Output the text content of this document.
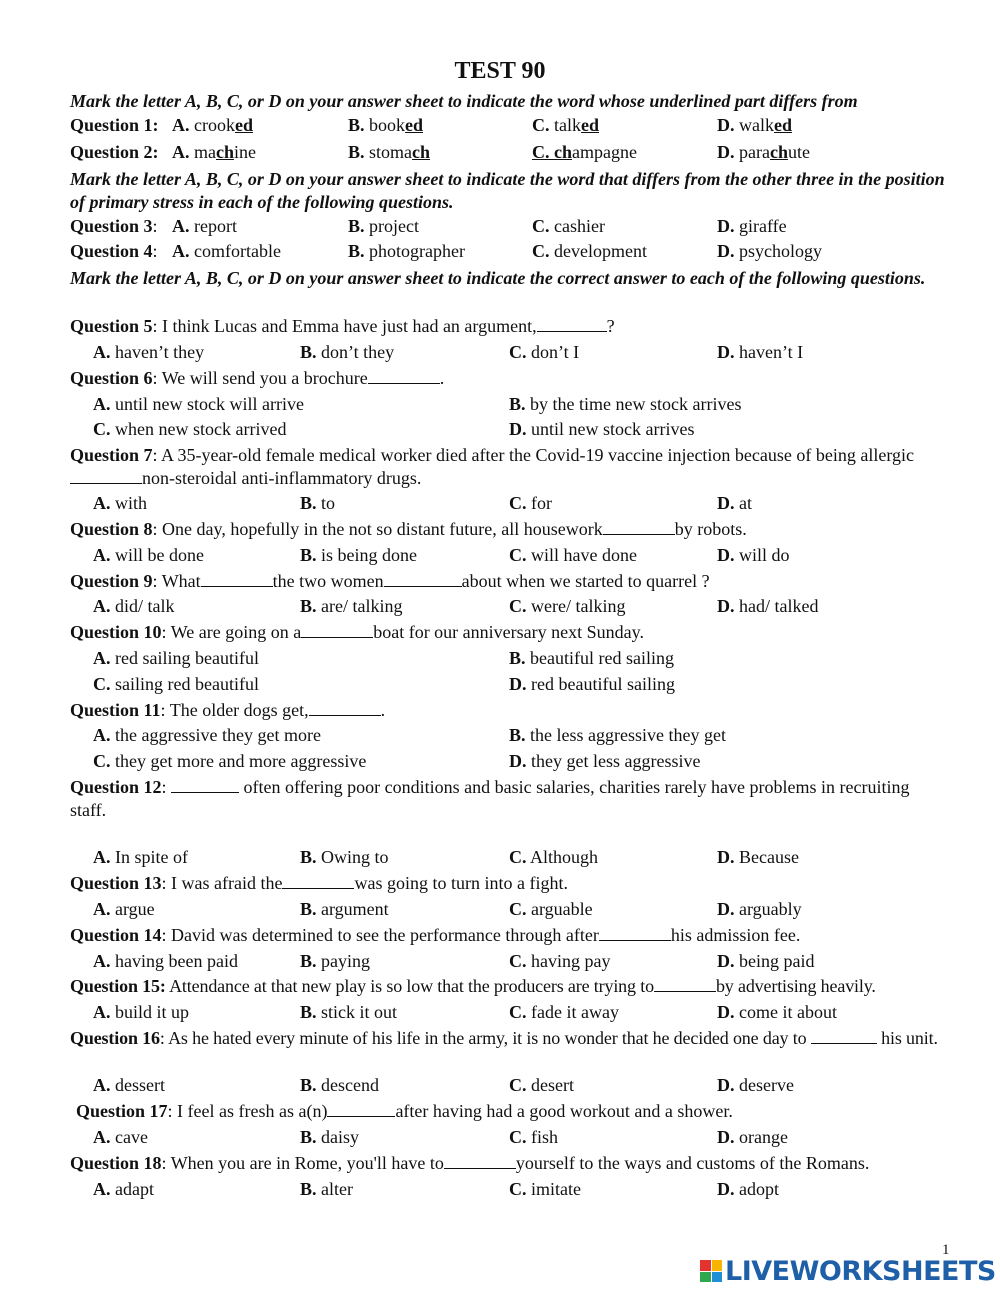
TEST 90
Mark the letter A, B, C, or D on your answer sheet to indicate the word whose underlined part differs from
Question 1: A. crooked	B. booked	C. talked	D. walked
Question 2: A. machine	B. stomach	C. champagne	D. parachute
Mark the letter A, B, C, or D on your answer sheet to indicate the word that differs from the other three in the position of primary stress in each of the following questions.
Question 3: A. report	B. project	C. cashier	D. giraffe
Question 4: A. comfortable	B. photographer	C. development	D. psychology
Mark the letter A, B, C, or D on your answer sheet to indicate the correct answer to each of the following questions.
Question 5: I think Lucas and Emma have just had an argument,	?
A. haven’t they	B. don’t they	C. don’t I	D. haven’t I
Question 6: We will send you a brochure	.
A. until new stock will arrive	B. by the time new stock arrives
C. when new stock arrived	D. until new stock arrives
Question 7: A 35-year-old female medical worker died after the Covid-19 vaccine injection because of being allergicnon-steroidal anti-inflammatory drugs.
A. with	B. to	C. for	D. at
Question 8: One day, hopefully in the not so distant future, all housework	by robots.
A. will be done	B. is being done	C. will have done	D. will do
Question 9: What	the two women	about when we started to quarrel ?
A. did/ talk	B. are/ talking	C. were/ talking	D. had/ talked
Question 10: We are going on a	boat for our anniversary next Sunday.
A. red sailing beautiful	B. beautiful red sailing
C. sailing red beautiful	D. red beautiful sailing
Question 11: The older dogs get,	.
A. the aggressive they get more	B. the less aggressive they get
C. they get more and more aggressive	D. they get less aggressive
Question 12:	often offering poor conditions and basic salaries, charities rarely have problems in recruiting staff.
A. In spite of	B. Owing to	C. Although	D. Because
Question 13: I was afraid the	was going to turn into a fight.
A. argue	B. argument	C. arguable	D. arguably
Question 14: David was determined to see the performance through after	his admission fee.
A. having been paid	B. paying	C. having pay	D. being paid
Question 15: Attendance at that new play is so low that the producers are trying to	by advertising heavily.
A. build it up	B. stick it out	C. fade it away	D. come it about
Question 16: As he hated every minute of his life in the army, it is no wonder that he decided one day to	his unit.
A. dessert	B. descend	C. desert	D. deserve
Question 17: I feel as fresh as a(n)	after having had a good workout and a shower.
A. cave	B. daisy	C. fish	D. orange
Question 18: When you are in Rome, you'll have to	yourself to the ways and customs of the Romans.
A. adapt	B. alter	C. imitate	D. adopt
1
LIVEWORKSHEETS
